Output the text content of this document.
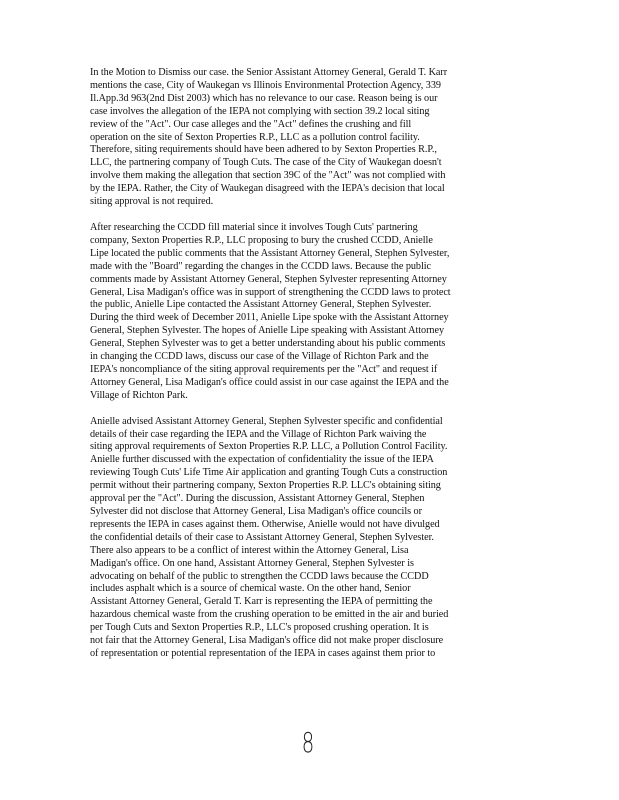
In the Motion to Dismiss our case. the Senior Assistant Attorney General, Gerald T. Karr
mentions the case, City of Waukegan vs Illinois Environmental Protection Agency, 339
Il.App.3d 963(2nd Dist 2003) which has no relevance to our case. Reason being is our
case involves the allegation of the IEPA not complying with section 39.2 local siting
review of the "Act". Our case alleges and the "Act" defines the crushing and fill
operation on the site of Sexton Properties R.P., LLC as a pollution control facility.
Therefore, siting requirements should have been adhered to by Sexton Properties R.P.,
LLC, the partnering company of Tough Cuts. The case of the City of Waukegan doesn't
involve them making the allegation that section 39C of the "Act" was not complied with
by the IEPA. Rather, the City of Waukegan disagreed with the IEPA's decision that local
siting approval is not required.

After researching the CCDD fill material since it involves Tough Cuts' partnering
company, Sexton Properties R.P., LLC proposing to bury the crushed CCDD, Anielle
Lipe located the public comments that the Assistant Attorney General, Stephen Sylvester,
made with the "Board" regarding the changes in the CCDD laws. Because the public
comments made by Assistant Attorney General, Stephen Sylvester representing Attorney
General, Lisa Madigan's office was in support of strengthening the CCDD laws to protect
the public, Anielle Lipe contacted the Assistant Attorney General, Stephen Sylvester.
During the third week of December 2011, Anielle Lipe spoke with the Assistant Attorney
General, Stephen Sylvester. The hopes of Anielle Lipe speaking with Assistant Attorney
General, Stephen Sylvester was to get a better understanding about his public comments
in changing the CCDD laws, discuss our case of the Village of Richton Park and the
IEPA's noncompliance of the siting approval requirements per the "Act" and request if
Attorney General, Lisa Madigan's office could assist in our case against the IEPA and the
Village of Richton Park.

Anielle advised Assistant Attorney General, Stephen Sylvester specific and confidential
details of their case regarding the IEPA and the Village of Richton Park waiving the
siting approval requirements of Sexton Properties R.P. LLC, a Pollution Control Facility.
Anielle further discussed with the expectation of confidentiality the issue of the IEPA
reviewing Tough Cuts' Life Time Air application and granting Tough Cuts a construction
permit without their partnering company, Sexton Properties R.P. LLC's obtaining siting
approval per the "Act". During the discussion, Assistant Attorney General, Stephen
Sylvester did not disclose that Attorney General, Lisa Madigan's office councils or
represents the IEPA in cases against them. Otherwise, Anielle would not have divulged
the confidential details of their case to Assistant Attorney General, Stephen Sylvester.
There also appears to be a conflict of interest within the Attorney General, Lisa
Madigan's office. On one hand, Assistant Attorney General, Stephen Sylvester is
advocating on behalf of the public to strengthen the CCDD laws because the CCDD
includes asphalt which is a source of chemical waste. On the other hand, Senior
Assistant Attorney General, Gerald T. Karr is representing the IEPA of permitting the
hazardous chemical waste from the crushing operation to be emitted in the air and buried
per Tough Cuts and Sexton Properties R.P., LLC's proposed crushing operation. It is
not fair that the Attorney General, Lisa Madigan's office did not make proper disclosure
of representation or potential representation of the IEPA in cases against them prior to

8
